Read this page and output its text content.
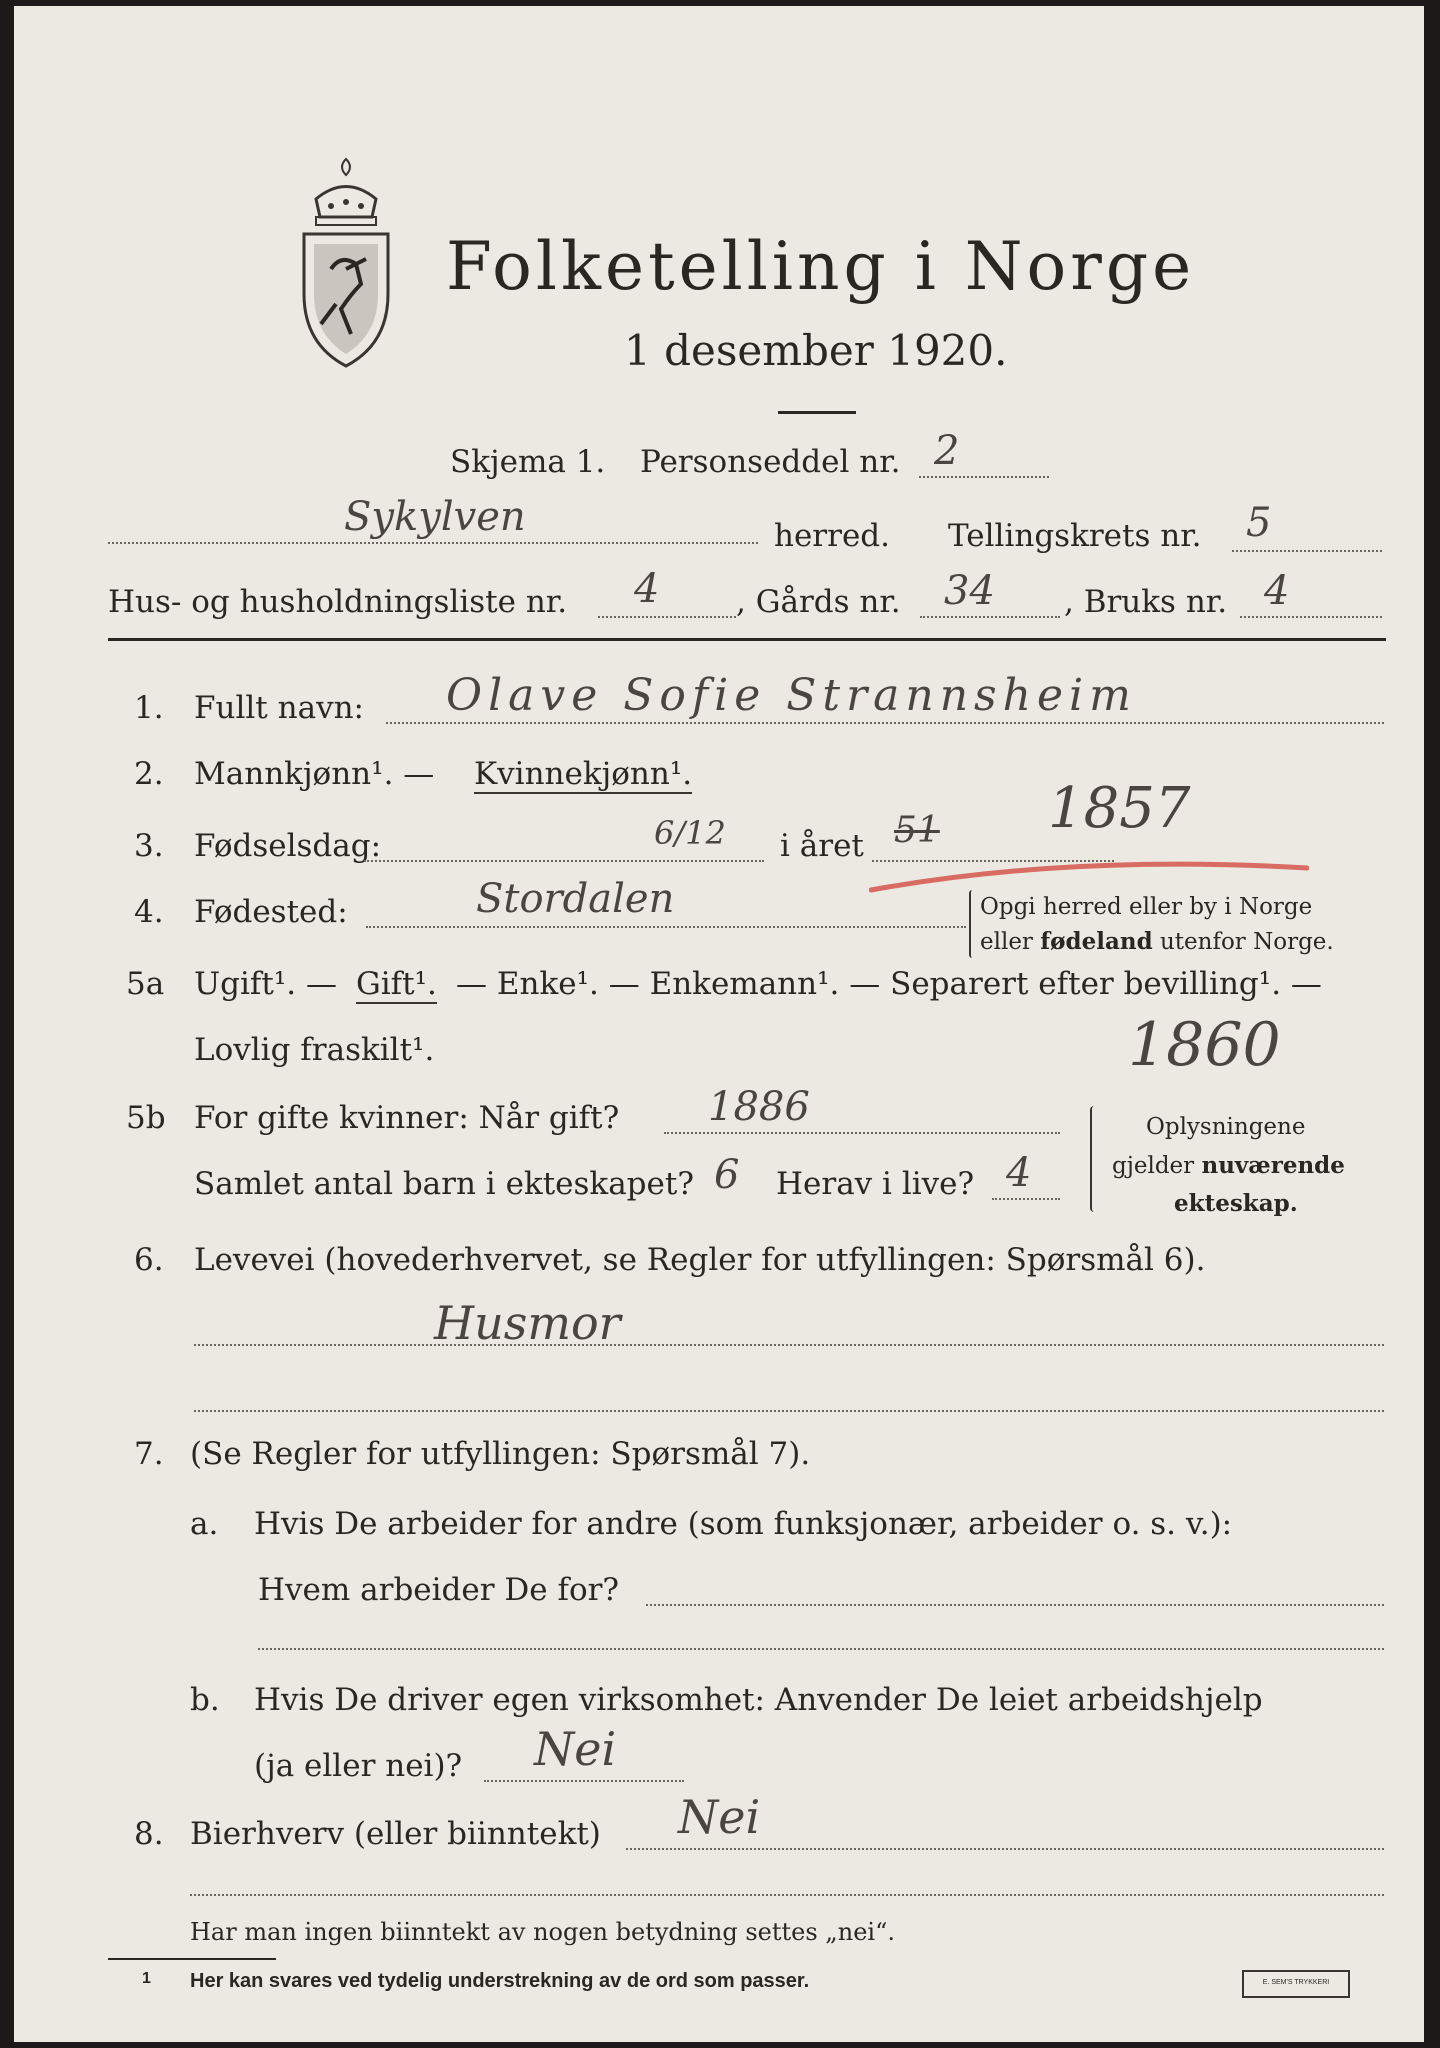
Folketelling i Norge
1 desember 1920.
Skjema 1. Personseddel nr. 2
Sykylven	herred. Tellingskrets nr. 5
Hus- og husholdningsliste nr. 4 , Gårds nr. 34 , Bruks nr. 4
1. Fullt navn: Olave Sofie Strannsheim
2. Mannkjønn¹. — Kvinnekjønn¹.
3. Fødselsdag:	6/12 i året 51 1857
4. Fødested:	Stordalen	Opgi herred eller by i Norge
eller fødeland utenfor Norge.
5a Ugift¹. — Gift¹. — Enke¹. — Enkemann¹. — Separert efter bevilling¹. —
Lovlig fraskilt¹.	1860
5b For gifte kvinner: Når gift? 1886
Samlet antal barn i ekteskapet? 6 Herav i live? 4
Oplysningene
gjelder nuværende
ekteskap.
6. Levevei (hovederhvervet, se Regler for utfyllingen: Spørsmål 6).
Husmor
7. (Se Regler for utfyllingen: Spørsmål 7).
a. Hvis De arbeider for andre (som funksjonær, arbeider o. s. v.):
Hvem arbeider De for?
b. Hvis De driver egen virksomhet: Anvender De leiet arbeidshjelp
(ja eller nei)? Nei
8. Bierhverv (eller biinntekt) Nei
Har man ingen biinntekt av nogen betydning settes „nei“.
1 Her kan svares ved tydelig understrekning av de ord som passer.	E. SEM'S TRYKKERI
